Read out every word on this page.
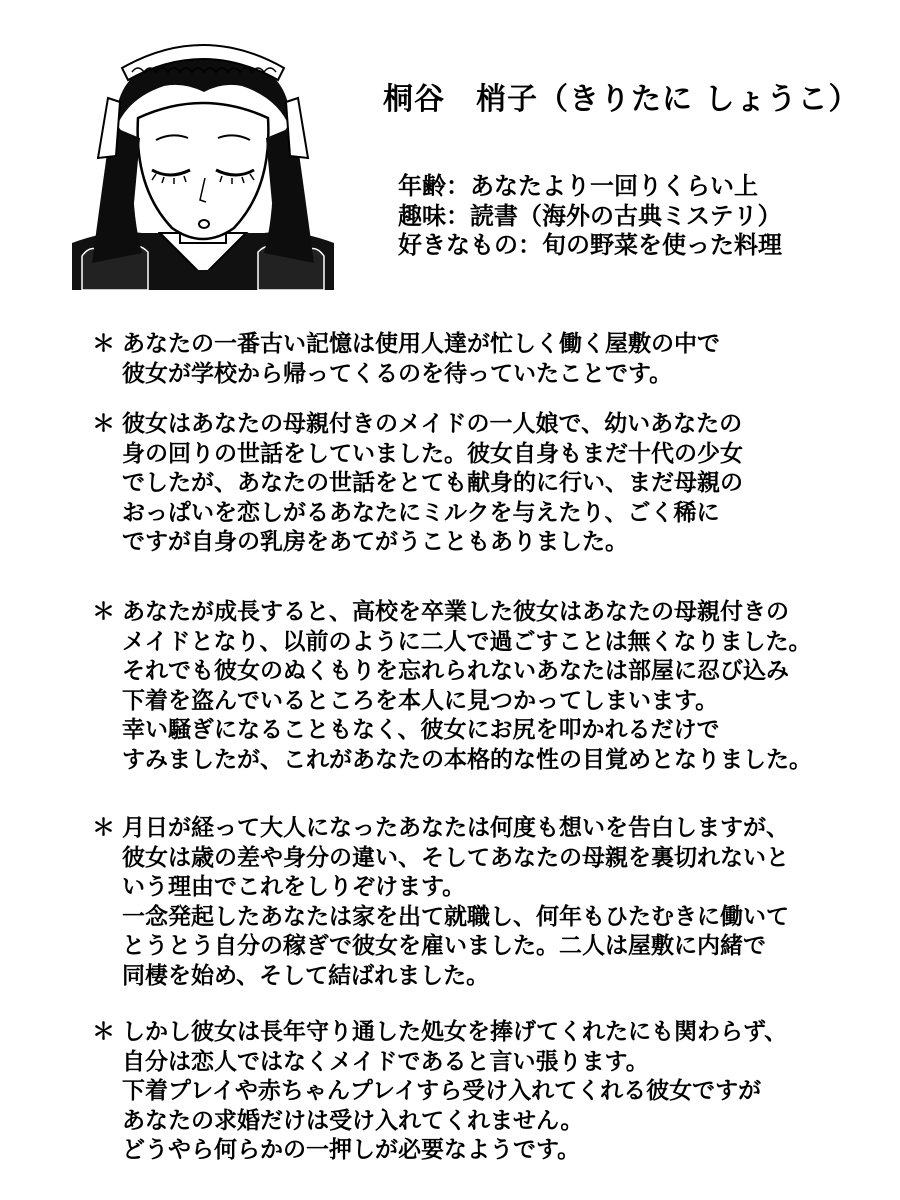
桐谷　梢子（きりたに しょうこ）
年齢：あなたより一回りくらい上
趣味：読書（海外の古典ミステリ）
好きなもの：旬の野菜を使った料理
＊ あなたの一番古い記憶は使用人達が忙しく働く屋敷の中で
彼女が学校から帰ってくるのを待っていたことです。
＊ 彼女はあなたの母親付きのメイドの一人娘で、幼いあなたの
身の回りの世話をしていました。彼女自身もまだ十代の少女
でしたが、あなたの世話をとても献身的に行い、まだ母親の
おっぱいを恋しがるあなたにミルクを与えたり、ごく稀に
ですが自身の乳房をあてがうこともありました。
＊ あなたが成長すると、高校を卒業した彼女はあなたの母親付きの
メイドとなり、以前のように二人で過ごすことは無くなりました。
それでも彼女のぬくもりを忘れられないあなたは部屋に忍び込み
下着を盗んでいるところを本人に見つかってしまいます。
幸い騒ぎになることもなく、彼女にお尻を叩かれるだけで
すみましたが、これがあなたの本格的な性の目覚めとなりました。
＊ 月日が経って大人になったあなたは何度も想いを告白しますが、
彼女は歳の差や身分の違い、そしてあなたの母親を裏切れないと
いう理由でこれをしりぞけます。
一念発起したあなたは家を出て就職し、何年もひたむきに働いて
とうとう自分の稼ぎで彼女を雇いました。二人は屋敷に内緒で
同棲を始め、そして結ばれました。
＊ しかし彼女は長年守り通した処女を捧げてくれたにも関わらず、
自分は恋人ではなくメイドであると言い張ります。
下着プレイや赤ちゃんプレイすら受け入れてくれる彼女ですが
あなたの求婚だけは受け入れてくれません。
どうやら何らかの一押しが必要なようです。
